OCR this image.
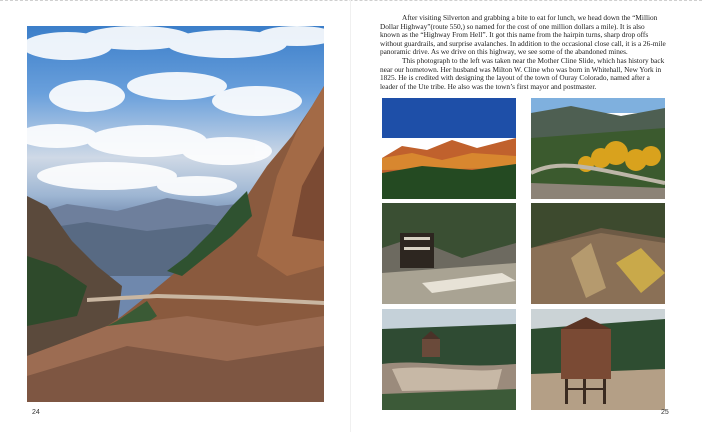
24

After visiting Silverton and grabbing a bite to eat for lunch, we head down the “Million Dollar Highway”(route 550,) so named for the cost of one million dollars a mile). It is also known as the “Highway From Hell”. It got this name from the hairpin turns, sharp drop offs without guardrails, and surprise avalanches. In addition to the occasional close call, it is a 26-mile panoramic drive. As we drive on this highway, we see some of the abandoned mines.

This photograph to the left was taken near the Mother Cline Slide, which has history back near our hometown. Her husband was Milton W. Cline who was born in Whitehall, New York in 1825. He is credited with designing the layout of the town of Ouray Colorado, named after a leader of the Ute tribe. He also was the town’s first mayor and postmaster.

25
